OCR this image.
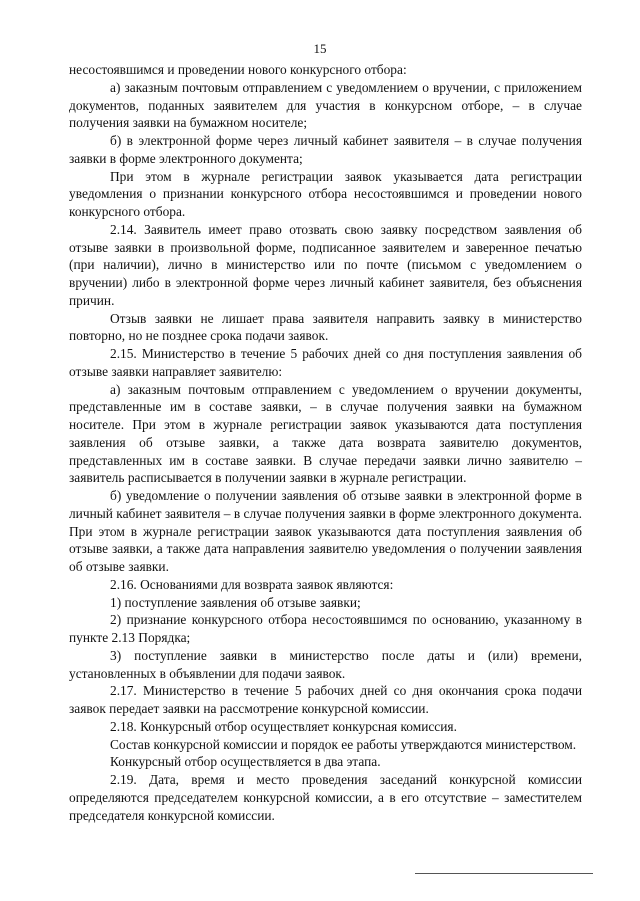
15

несостоявшимся и проведении нового конкурсного отбора:

а) заказным почтовым отправлением с уведомлением о вручении, с приложением документов, поданных заявителем для участия в конкурсном отборе, – в случае получения заявки на бумажном носителе;

б) в электронной форме через личный кабинет заявителя – в случае получения заявки в форме электронного документа;

При этом в журнале регистрации заявок указывается дата регистрации уведомления о признании конкурсного отбора несостоявшимся и проведении нового конкурсного отбора.

2.14. Заявитель имеет право отозвать свою заявку посредством заявления об отзыве заявки в произвольной форме, подписанное заявителем и заверенное печатью (при наличии), лично в министерство или по почте (письмом с уведомлением о вручении) либо в электронной форме через личный кабинет заявителя, без объяснения причин.

Отзыв заявки не лишает права заявителя направить заявку в министерство повторно, но не позднее срока подачи заявок.

2.15. Министерство в течение 5 рабочих дней со дня поступления заявления об отзыве заявки направляет заявителю:

а) заказным почтовым отправлением с уведомлением о вручении документы, представленные им в составе заявки, – в случае получения заявки на бумажном носителе. При этом в журнале регистрации заявок указываются дата поступления заявления об отзыве заявки, а также дата возврата заявителю документов, представленных им в составе заявки. В случае передачи заявки лично заявителю – заявитель расписывается в получении заявки в журнале регистрации.

б) уведомление о получении заявления об отзыве заявки в электронной форме в личный кабинет заявителя – в случае получения заявки в форме электронного документа. При этом в журнале регистрации заявок указываются дата поступления заявления об отзыве заявки, а также дата направления заявителю уведомления о получении заявления об отзыве заявки.

2.16. Основаниями для возврата заявок являются:

1) поступление заявления об отзыве заявки;

2) признание конкурсного отбора несостоявшимся по основанию, указанному в пункте 2.13 Порядка;

3) поступление заявки в министерство после даты и (или) времени, установленных в объявлении для подачи заявок.

2.17. Министерство в течение 5 рабочих дней со дня окончания срока подачи заявок передает заявки на рассмотрение конкурсной комиссии.

2.18. Конкурсный отбор осуществляет конкурсная комиссия.

Состав конкурсной комиссии и порядок ее работы утверждаются министерством.

Конкурсный отбор осуществляется в два этапа.

2.19. Дата, время и место проведения заседаний конкурсной комиссии определяются председателем конкурсной комиссии, а в его отсутствие – заместителем председателя конкурсной комиссии.
